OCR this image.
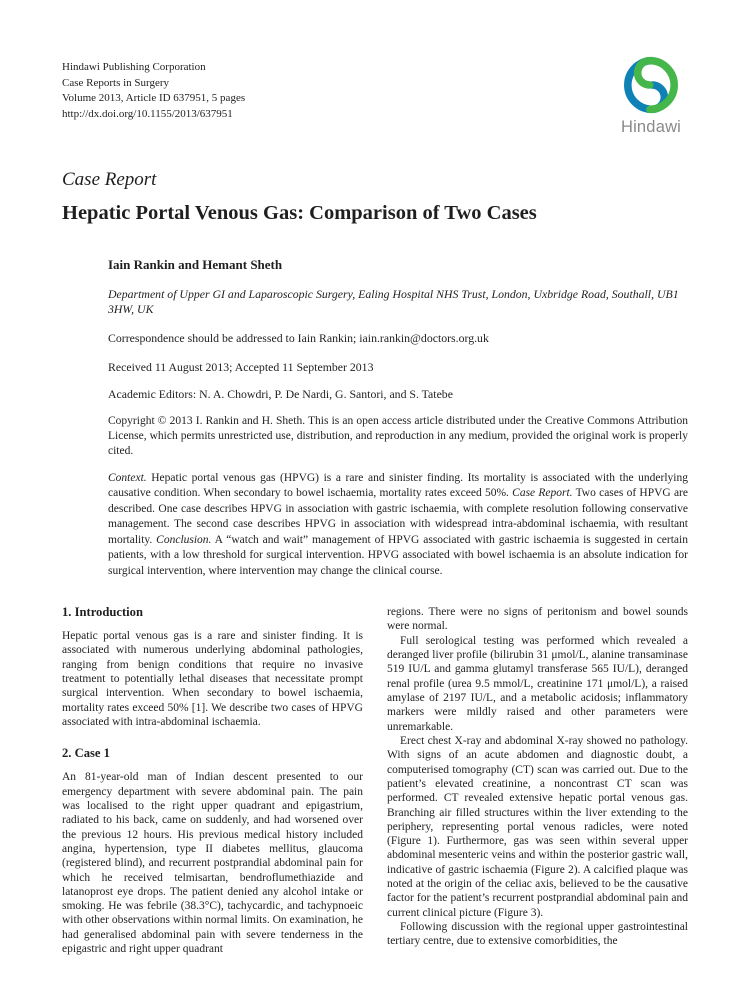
Hindawi Publishing Corporation
Case Reports in Surgery
Volume 2013, Article ID 637951, 5 pages
http://dx.doi.org/10.1155/2013/637951
Hindawi
Case Report
Hepatic Portal Venous Gas: Comparison of Two Cases
Iain Rankin and Hemant Sheth
Department of Upper GI and Laparoscopic Surgery, Ealing Hospital NHS Trust, London, Uxbridge Road, Southall, UB1 3HW, UK
Correspondence should be addressed to Iain Rankin; iain.rankin@doctors.org.uk
Received 11 August 2013; Accepted 11 September 2013
Academic Editors: N. A. Chowdri, P. De Nardi, G. Santori, and S. Tatebe
Copyright © 2013 I. Rankin and H. Sheth. This is an open access article distributed under the Creative Commons Attribution License, which permits unrestricted use, distribution, and reproduction in any medium, provided the original work is properly cited.
Context. Hepatic portal venous gas (HPVG) is a rare and sinister finding. Its mortality is associated with the underlying causative condition. When secondary to bowel ischaemia, mortality rates exceed 50%. Case Report. Two cases of HPVG are described. One case describes HPVG in association with gastric ischaemia, with complete resolution following conservative management. The second case describes HPVG in association with widespread intra-abdominal ischaemia, with resultant mortality. Conclusion. A “watch and wait” management of HPVG associated with gastric ischaemia is suggested in certain patients, with a low threshold for surgical intervention. HPVG associated with bowel ischaemia is an absolute indication for surgical intervention, where intervention may change the clinical course.
1. Introduction

Hepatic portal venous gas is a rare and sinister finding. It is associated with numerous underlying abdominal pathologies, ranging from benign conditions that require no invasive treatment to potentially lethal diseases that necessitate prompt surgical intervention. When secondary to bowel ischaemia, mortality rates exceed 50% [1]. We describe two cases of HPVG associated with intra-abdominal ischaemia.

2. Case 1

An 81-year-old man of Indian descent presented to our emergency department with severe abdominal pain. The pain was localised to the right upper quadrant and epigastrium, radiated to his back, came on suddenly, and had worsened over the previous 12 hours. His previous medical history included angina, hypertension, type II diabetes mellitus, glaucoma (registered blind), and recurrent postprandial abdominal pain for which he received telmisartan, bendroflumethiazide and latanoprost eye drops. The patient denied any alcohol intake or smoking. He was febrile (38.3°C), tachycardic, and tachypnoeic with other observations within normal limits. On examination, he had generalised abdominal pain with severe tenderness in the epigastric and right upper quadrant

regions. There were no signs of peritonism and bowel sounds were normal.

Full serological testing was performed which revealed a deranged liver profile (bilirubin 31 μmol/L, alanine transaminase 519 IU/L and gamma glutamyl transferase 565 IU/L), deranged renal profile (urea 9.5 mmol/L, creatinine 171 μmol/L), a raised amylase of 2197 IU/L, and a metabolic acidosis; inflammatory markers were mildly raised and other parameters were unremarkable.

Erect chest X-ray and abdominal X-ray showed no pathology. With signs of an acute abdomen and diagnostic doubt, a computerised tomography (CT) scan was carried out. Due to the patient’s elevated creatinine, a noncontrast CT scan was performed. CT revealed extensive hepatic portal venous gas. Branching air filled structures within the liver extending to the periphery, representing portal venous radicles, were noted (Figure 1). Furthermore, gas was seen within several upper abdominal mesenteric veins and within the posterior gastric wall, indicative of gastric ischaemia (Figure 2). A calcified plaque was noted at the origin of the celiac axis, believed to be the causative factor for the patient’s recurrent postprandial abdominal pain and current clinical picture (Figure 3).

Following discussion with the regional upper gastrointestinal tertiary centre, due to extensive comorbidities, the
